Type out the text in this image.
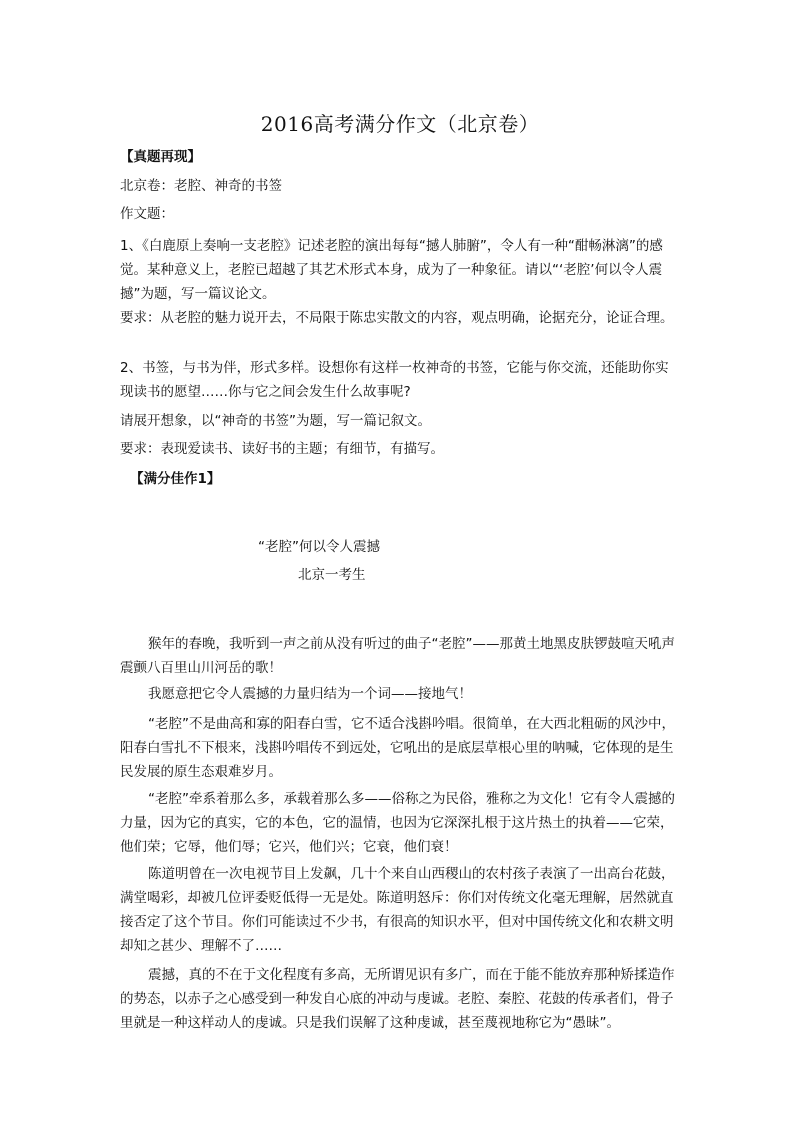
2016高考满分作文（北京卷）
【真题再现】
北京卷：老腔、神奇的书签
作文题：
1、《白鹿原上奏响一支老腔》记述老腔的演出每每“撼人肺腑”，令人有一种“酣畅淋漓”的感觉。某种意义上，老腔已超越了其艺术形式本身，成为了一种象征。请以“‘老腔’何以令人震撼”为题，写一篇议论文。
要求：从老腔的魅力说开去，不局限于陈忠实散文的内容，观点明确，论据充分，论证合理。
2、书签，与书为伴，形式多样。设想你有这样一枚神奇的书签，它能与你交流，还能助你实现读书的愿望……你与它之间会发生什么故事呢?
请展开想象，以“神奇的书签”为题，写一篇记叙文。
要求：表现爱读书、读好书的主题；有细节，有描写。
【满分佳作1】
“老腔”何以令人震撼
北京一考生
猴年的春晚，我听到一声之前从没有听过的曲子“老腔”——那黄土地黑皮肤锣鼓喧天吼声震颤八百里山川河岳的歌！
我愿意把它令人震撼的力量归结为一个词——接地气！
“老腔”不是曲高和寡的阳春白雪，它不适合浅斟吟唱。很简单，在大西北粗砺的风沙中，阳春白雪扎不下根来，浅斟吟唱传不到远处，它吼出的是底层草根心里的呐喊，它体现的是生民发展的原生态艰难岁月。
“老腔”牵系着那么多，承载着那么多——俗称之为民俗，雅称之为文化！它有令人震撼的力量，因为它的真实，它的本色，它的温情，也因为它深深扎根于这片热土的执着——它荣，他们荣；它辱，他们辱；它兴，他们兴；它衰，他们衰！
陈道明曾在一次电视节目上发飙，几十个来自山西稷山的农村孩子表演了一出高台花鼓，满堂喝彩，却被几位评委贬低得一无是处。陈道明怒斥：你们对传统文化毫无理解，居然就直接否定了这个节目。你们可能读过不少书，有很高的知识水平，但对中国传统文化和农耕文明却知之甚少、理解不了……
震撼，真的不在于文化程度有多高，无所谓见识有多广，而在于能不能放弃那种矫揉造作的势态，以赤子之心感受到一种发自心底的冲动与虔诚。老腔、秦腔、花鼓的传承者们，骨子里就是一种这样动人的虔诚。只是我们误解了这种虔诚，甚至蔑视地称它为“愚昧”。
